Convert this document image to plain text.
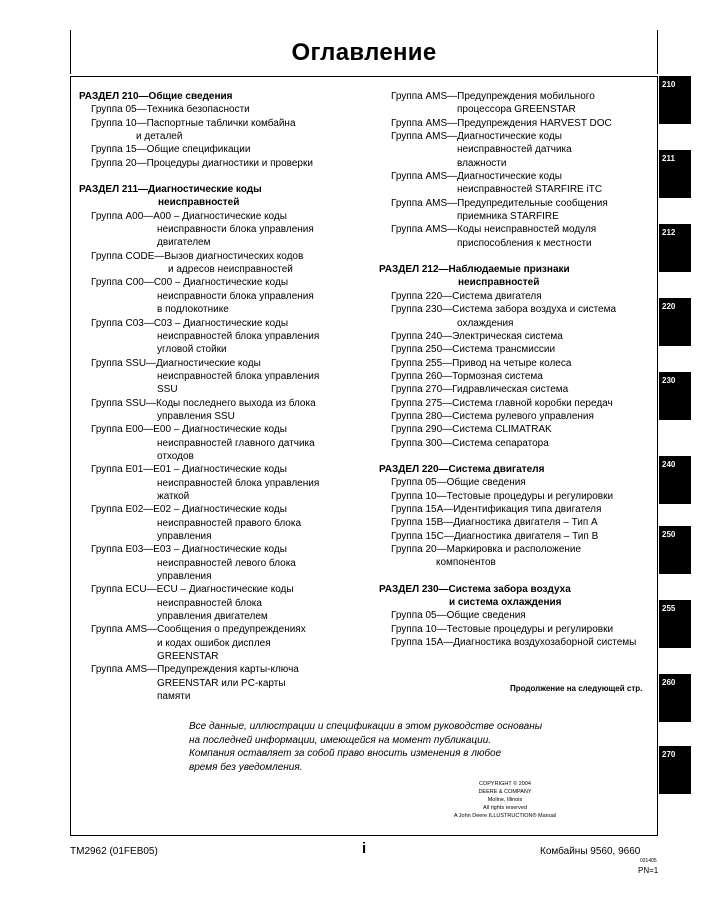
Оглавление
РАЗДЕЛ 210—Общие сведения
Группа 05—Техника безопасности
Группа 10—Паспортные таблички комбайна
и деталей
Группа 15—Общие спецификации
Группа 20—Процедуры диагностики и проверки
РАЗДЕЛ 211—Диагностические коды
неисправностей
Группа A00—A00 – Диагностические коды
неисправности блока управления
двигателем
Группа CODE—Вызов диагностических кодов
и адресов неисправностей
Группа C00—C00 – Диагностические коды
неисправности блока управления
в подлокотнике
Группа C03—C03 – Диагностические коды
неисправностей блока управления
угловой стойки
Группа SSU—Диагностические коды
неисправностей блока управления
SSU
Группа SSU—Коды последнего выхода из блока
управления SSU
Группа E00—E00 – Диагностические коды
неисправностей главного датчика
отходов
Группа E01—E01 – Диагностические коды
неисправностей блока управления
жаткой
Группа E02—E02 – Диагностические коды
неисправностей правого блока
управления
Группа E03—E03 – Диагностические коды
неисправностей левого блока
управления
Группа ECU—ECU – Диагностические коды
неисправностей блока
управления двигателем
Группа AMS—Сообщения о предупреждениях
и кодах ошибок дисплея
GREENSTAR
Группа AMS—Предупреждения карты-ключа
GREENSTAR или PC-карты
памяти
Группа AMS—Предупреждения мобильного
процессора GREENSTAR
Группа AMS—Предупреждения HARVEST DOC
Группа AMS—Диагностические коды
неисправностей датчика
влажности
Группа AMS—Диагностические коды
неисправностей STARFIRE iTC
Группа AMS—Предупредительные сообщения
приемника STARFIRE
Группа AMS—Коды неисправностей модуля
приспособления к местности
РАЗДЕЛ 212—Наблюдаемые признаки
неисправностей
Группа 220—Система двигателя
Группа 230—Система забора воздуха и системa
охлаждения
Группа 240—Электрическая система
Группа 250—Система трансмиссии
Группа 255—Привод на четыре колеса
Группа 260—Тормозная система
Группа 270—Гидравлическая система
Группа 275—Система главной коробки передач
Группа 280—Система рулевого управления
Группа 290—Система CLIMATRAK
Группа 300—Система сепаратора
РАЗДЕЛ 220—Система двигателя
Группа 05—Общие сведения
Группа 10—Тестовые процедуры и регулировки
Группа 15A—Идентификация типа двигателя
Группа 15B—Диагностика двигателя – Тип A
Группа 15C—Диагностика двигателя – Тип B
Группа 20—Маркировка и расположение
компонентов
РАЗДЕЛ 230—Система забора воздуха
и система охлаждения
Группа 05—Общие сведения
Группа 10—Тестовые процедуры и регулировки
Группа 15A—Диагностика воздухозаборной системы
210
211
212
220
230
240
250
255
260
270
Продолжение на следующей стр.
Все данные, иллюстрации и спецификации в этом руководстве основаны
на последней информации, имеющейся на момент публикации.
Компания оставляет за собой право вносить изменения в любое
время без уведомления.
COPYRIGHT © 2004
DEERE & COMPANY
Moline, Illinois
All rights reserved
A John Deere ILLUSTRUCTION® Manual
TM2962 (01FEB05)	i	Комбайны 9560, 9660
031405
PN=1
